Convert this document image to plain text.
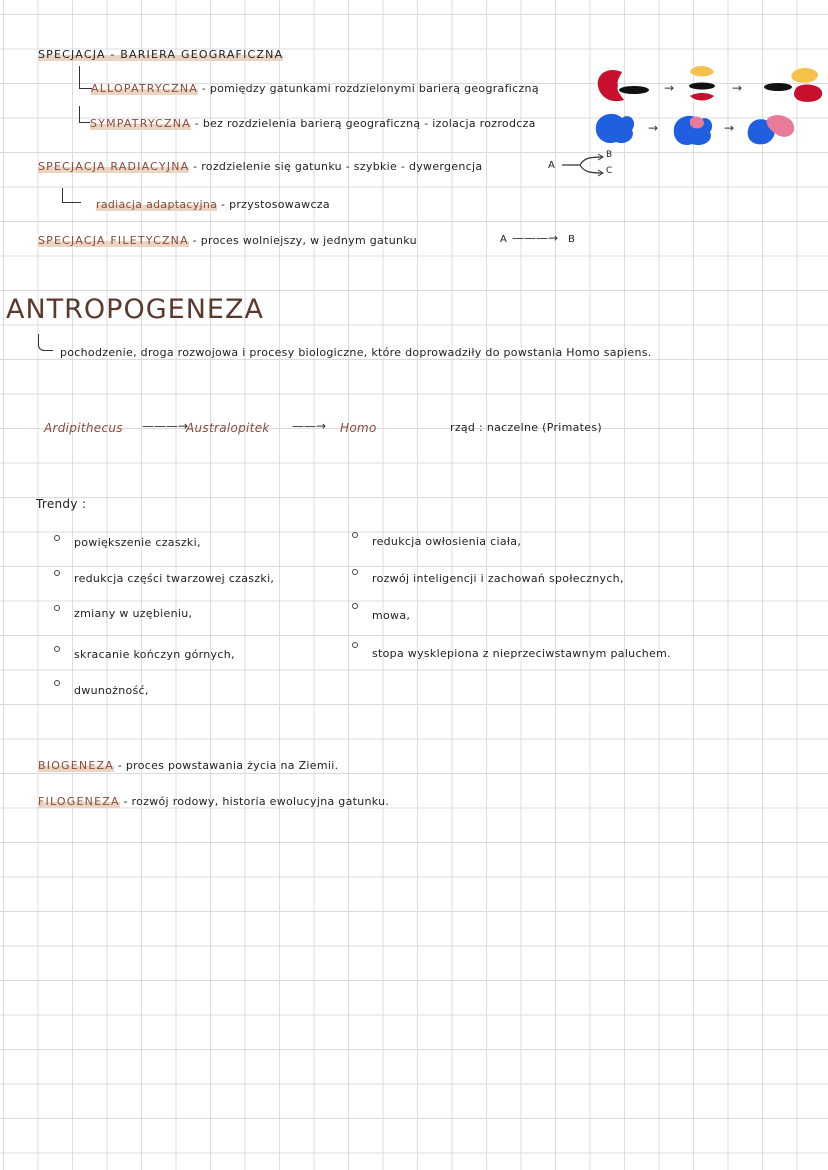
SPECJACJA - BARIERA GEOGRAFICZNA
ALLOPATRYCZNA - pomiędzy gatunkami rozdzielonymi barierą geograficzną
SYMPATRYCZNA - bez rozdzielenia barierą geograficzną - izolacja rozrodcza
→	→
→	→
SPECJACJA RADIACYJNA - rozdzielenie się gatunku - szybkie - dywergencja	A
B
C
radiacja adaptacyjna - przystosowawcza
SPECJACJA FILETYCZNA - proces wolniejszy, w jednym gatunku	A ———→ B
ANTROPOGENEZA
pochodzenie, droga rozwojowa i procesy biologiczne, które doprowadziły do powstania Homo sapiens.
Ardipithecus ———→
Australopitek ——→ Homo	rząd : naczelne (Primates)
Trendy :
powiększenie czaszki,
redukcja części twarzowej czaszki,
zmiany w uzębieniu,
skracanie kończyn górnych,
dwunożność,
redukcja owłosienia ciała,
rozwój inteligencji i zachowań społecznych,
mowa,
stopa wysklepiona z nieprzeciwstawnym paluchem.
BIOGENEZA - proces powstawania życia na Ziemii.
FILOGENEZA - rozwój rodowy, historia ewolucyjna gatunku.
